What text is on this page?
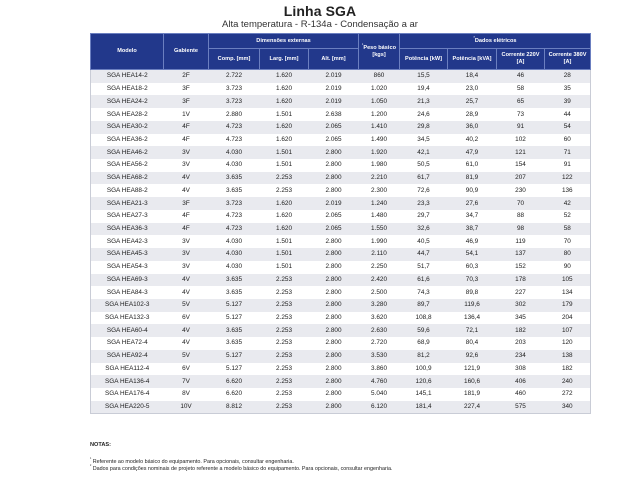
Linha SGA
Alta temperatura - R-134a - Condensação a ar
Modelo	Gabiente	Dimensões externas			$^{^1}$Peso básico [kgs]	$^{^2}$Dados elétricos			
		Comp. [mm]	Larg. [mm]	Alt. [mm]		Potência [kW]	Potência [kVA]	Corrente 220V [A]	Corrente 380V [A]
SGA HEA14-2	2F	2.722	1.620	2.019	860	15,5	18,4	46	28
SGA HEA18-2	3F	3.723	1.620	2.019	1.020	19,4	23,0	58	35
SGA HEA24-2	3F	3.723	1.620	2.019	1.050	21,3	25,7	65	39
SGA HEA28-2	1V	2.880	1.501	2.638	1.200	24,6	28,9	73	44
SGA HEA30-2	4F	4.723	1.620	2.065	1.410	29,8	36,0	91	54
SGA HEA36-2	4F	4.723	1.620	2.065	1.490	34,5	40,2	102	60
SGA HEA46-2	3V	4.030	1.501	2.800	1.920	42,1	47,9	121	71
SGA HEA56-2	3V	4.030	1.501	2.800	1.980	50,5	61,0	154	91
SGA HEA68-2	4V	3.635	2.253	2.800	2.210	61,7	81,9	207	122
SGA HEA88-2	4V	3.635	2.253	2.800	2.300	72,6	90,9	230	136
SGA HEA21-3	3F	3.723	1.620	2.019	1.240	23,3	27,6	70	42
SGA HEA27-3	4F	4.723	1.620	2.065	1.480	29,7	34,7	88	52
SGA HEA36-3	4F	4.723	1.620	2.065	1.550	32,6	38,7	98	58
SGA HEA42-3	3V	4.030	1.501	2.800	1.990	40,5	46,9	119	70
SGA HEA45-3	3V	4.030	1.501	2.800	2.110	44,7	54,1	137	80
SGA HEA54-3	3V	4.030	1.501	2.800	2.250	51,7	60,3	152	90
SGA HEA69-3	4V	3.635	2.253	2.800	2.420	61,6	70,3	178	105
SGA HEA84-3	4V	3.635	2.253	2.800	2.500	74,3	89,8	227	134
SGA HEA102-3	5V	5.127	2.253	2.800	3.280	89,7	119,6	302	179
SGA HEA132-3	6V	5.127	2.253	2.800	3.620	108,8	136,4	345	204
SGA HEA60-4	4V	3.635	2.253	2.800	2.630	59,6	72,1	182	107
SGA HEA72-4	4V	3.635	2.253	2.800	2.720	68,9	80,4	203	120
SGA HEA92-4	5V	5.127	2.253	2.800	3.530	81,2	92,6	234	138
SGA HEA112-4	6V	5.127	2.253	2.800	3.860	100,9	121,9	308	182
SGA HEA136-4	7V	6.620	2.253	2.800	4.760	120,6	160,6	406	240
SGA HEA176-4	8V	6.620	2.253	2.800	5.040	145,1	181,9	460	272
SGA HEA220-5	10V	8.812	2.253	2.800	6.120	181,4	227,4	575	340
NOTAS:
$^{^1}$ Referente ao modelo básico do equipamento. Para opcionais, consultar engenharia.
$^{^2}$ Dados para condições nominais de projeto referente a modelo básico do equipamento. Para opcionais, consultar engenharia.
